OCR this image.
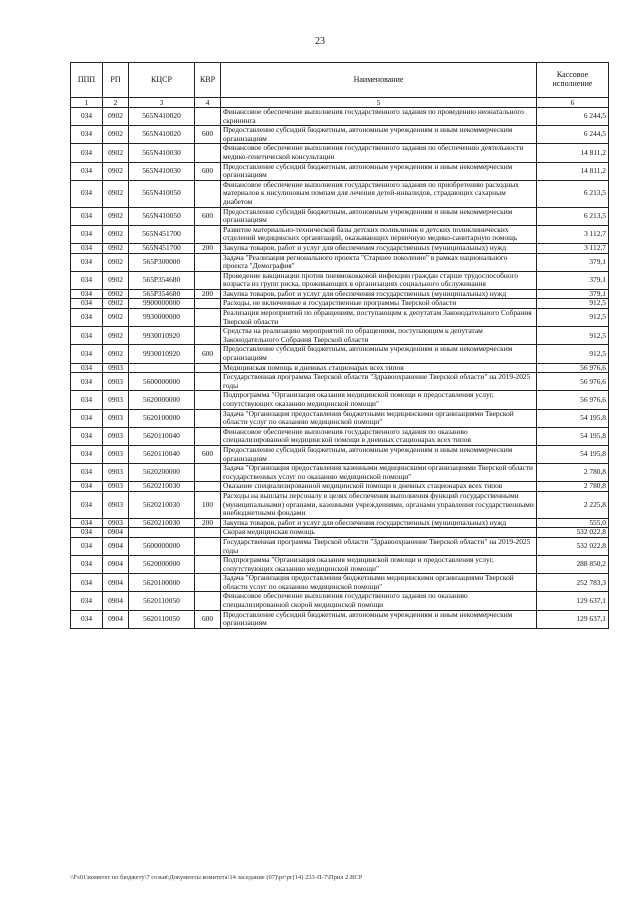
23
ППП	РП	КЦСР	КВР	Наименование	Кассовое исполнение
1	2	3	4	5	6
034	0902	565N410020		Финансовое обеспечение выполнения государственного задания по проведению неонатального скрининга	6 244,5
034	0902	565N410020	600	Предоставление субсидий бюджетным, автономным учреждениям и иным некоммерческим организациям	6 244,5
034	0902	565N410030		Финансовое обеспечение выполнения государственного задания по обеспечению деятельности медико-генетической консультации	14 811,2
034	0902	565N410030	600	Предоставление субсидий бюджетным, автономным учреждениям и иным некоммерческим организациям	14 811,2
034	0902	565N410050		Финансовое обеспечение выполнения государственного задания по приобретению расходных материалов к инсулиновым помпам для лечения детей-инвалидов, страдающих сахарным диабетом	6 213,5
034	0902	565N410050	600	Предоставление субсидий бюджетным, автономным учреждениям и иным некоммерческим организациям	6 213,5
034	0902	565N451700		Развитие материально-технической базы детских поликлиник и детских поликлинических отделений медицинских организаций, оказывающих первичную медико-санитарную помощь	3 112,7
034	0902	565N451700	200	Закупка товаров, работ и услуг для обеспечения государственных (муниципальных) нужд	3 112,7
034	0902	565P300000		Задача "Реализация регионального проекта "Старшее поколение" в рамках национального проекта "Демография"	379,1
034	0902	565P354680		Проведение вакцинации против пневмококковой инфекции граждан старше трудоспособного возраста из групп риска, проживающих в организациях социального обслуживания	379,1
034	0902	565P354680	200	Закупка товаров, работ и услуг для обеспечения государственных (муниципальных) нужд	379,1
034	0902	9900000000		Расходы, не включенные в государственные программы Тверской области	912,5
034	0902	9930000000		Реализация мероприятий по обращениям, поступающим к депутатам Законодательного Собрания Тверской области	912,5
034	0902	9930010920		Средства на реализацию мероприятий по обращениям, поступающим к депутатам Законодательного Собрания Тверской области	912,5
034	0902	9930010920	600	Предоставление субсидий бюджетным, автономным учреждениям и иным некоммерческим организациям	912,5
034	0903			Медицинская помощь в дневных стационарах всех типов	56 976,6
034	0903	5600000000		Государственная программа Тверской области "Здравоохранение Тверской области" на 2019-2025 годы	56 976,6
034	0903	5620000000		Подпрограмма "Организация оказания медицинской помощи и предоставления услуг, сопутствующих оказанию медицинской помощи"	56 976,6
034	0903	5620100000		Задача "Организация предоставления бюджетными медицинскими организациями Тверской области услуг по оказанию медицинской помощи"	54 195,8
034	0903	5620110040		Финансовое обеспечение выполнения государственного задания по оказанию специализированной медицинской помощи в дневных стационарах всех типов	54 195,8
034	0903	5620110040	600	Предоставление субсидий бюджетным, автономным учреждениям и иным некоммерческим организациям	54 195,8
034	0903	5620200000		Задача "Организация предоставления казенными медицинскими организациями Тверской области государственных услуг по оказанию медицинской помощи"	2 780,8
034	0903	5620210030		Оказание специализированной медицинской помощи в дневных стационарах всех типов	2 780,8
034	0903	5620210030	100	Расходы на выплаты персоналу в целях обеспечения выполнения функций государственными (муниципальными) органами, казенными учреждениями, органами управления государственными внебюджетными фондами	2 225,8
034	0903	5620210030	200	Закупка товаров, работ и услуг для обеспечения государственных (муниципальных) нужд	555,0
034	0904			Скорая медицинская помощь	532 022,8
034	0904	5600000000		Государственная программа Тверской области "Здравоохранение Тверской области" на 2019-2025 годы	532 022,8
034	0904	5620000000		Подпрограмма "Организация оказания медицинской помощи и предоставления услуг, сопутствующих оказанию медицинской помощи"	288 850,2
034	0904	5620100000		Задача "Организация предоставления бюджетными медицинскими организациями Тверской области услуг по оказанию медицинской помощи"	252 783,3
034	0904	5620110050		Финансовое обеспечение выполнения государственного задания по оказанию специализированной скорой медицинской помощи	129 637,1
034	0904	5620110050	600	Предоставление субсидий бюджетным, автономным учреждениям и иным некоммерческим организациям	129 637,1
\\Fs01\комитет по бюджету\7 созыв\Документы комитета\14 заседание (07)\рг\рг(14) 233-П-7\Прил 2.BCP
